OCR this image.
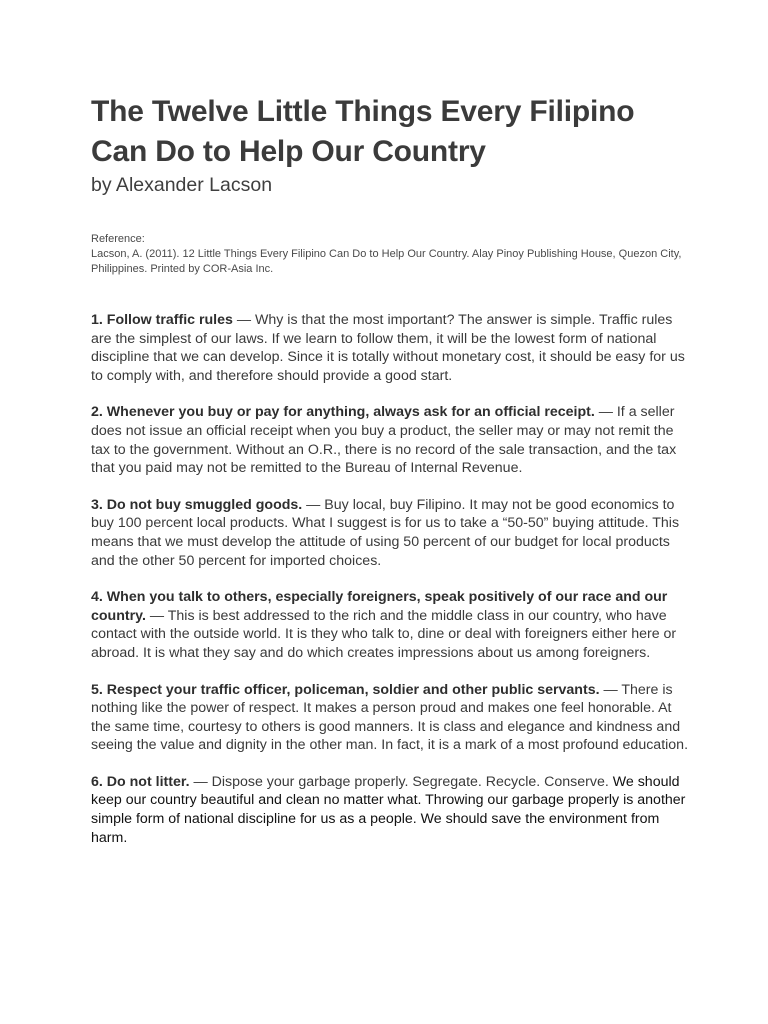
The Twelve Little Things Every Filipino Can Do to Help Our Country
by Alexander Lacson
Reference:
Lacson, A. (2011). 12 Little Things Every Filipino Can Do to Help Our Country. Alay Pinoy Publishing House, Quezon City, Philippines. Printed by COR-Asia Inc.

1. Follow traffic rules — Why is that the most important? The answer is simple. Traffic rules are the simplest of our laws. If we learn to follow them, it will be the lowest form of national discipline that we can develop. Since it is totally without monetary cost, it should be easy for us to comply with, and therefore should provide a good start.

2. Whenever you buy or pay for anything, always ask for an official receipt. — If a seller does not issue an official receipt when you buy a product, the seller may or may not remit the tax to the government. Without an O.R., there is no record of the sale transaction, and the tax that you paid may not be remitted to the Bureau of Internal Revenue.

3. Do not buy smuggled goods. — Buy local, buy Filipino. It may not be good economics to buy 100 percent local products. What I suggest is for us to take a “50-50” buying attitude. This means that we must develop the attitude of using 50 percent of our budget for local products and the other 50 percent for imported choices.

4. When you talk to others, especially foreigners, speak positively of our race and our country. — This is best addressed to the rich and the middle class in our country, who have contact with the outside world. It is they who talk to, dine or deal with foreigners either here or abroad. It is what they say and do which creates impressions about us among foreigners.

5. Respect your traffic officer, policeman, soldier and other public servants. — There is nothing like the power of respect. It makes a person proud and makes one feel honorable. At the same time, courtesy to others is good manners. It is class and elegance and kindness and seeing the value and dignity in the other man. In fact, it is a mark of a most profound education.

6. Do not litter. — Dispose your garbage properly. Segregate. Recycle. Conserve. We should keep our country beautiful and clean no matter what. Throwing our garbage properly is another simple form of national discipline for us as a people. We should save the environment from harm.
